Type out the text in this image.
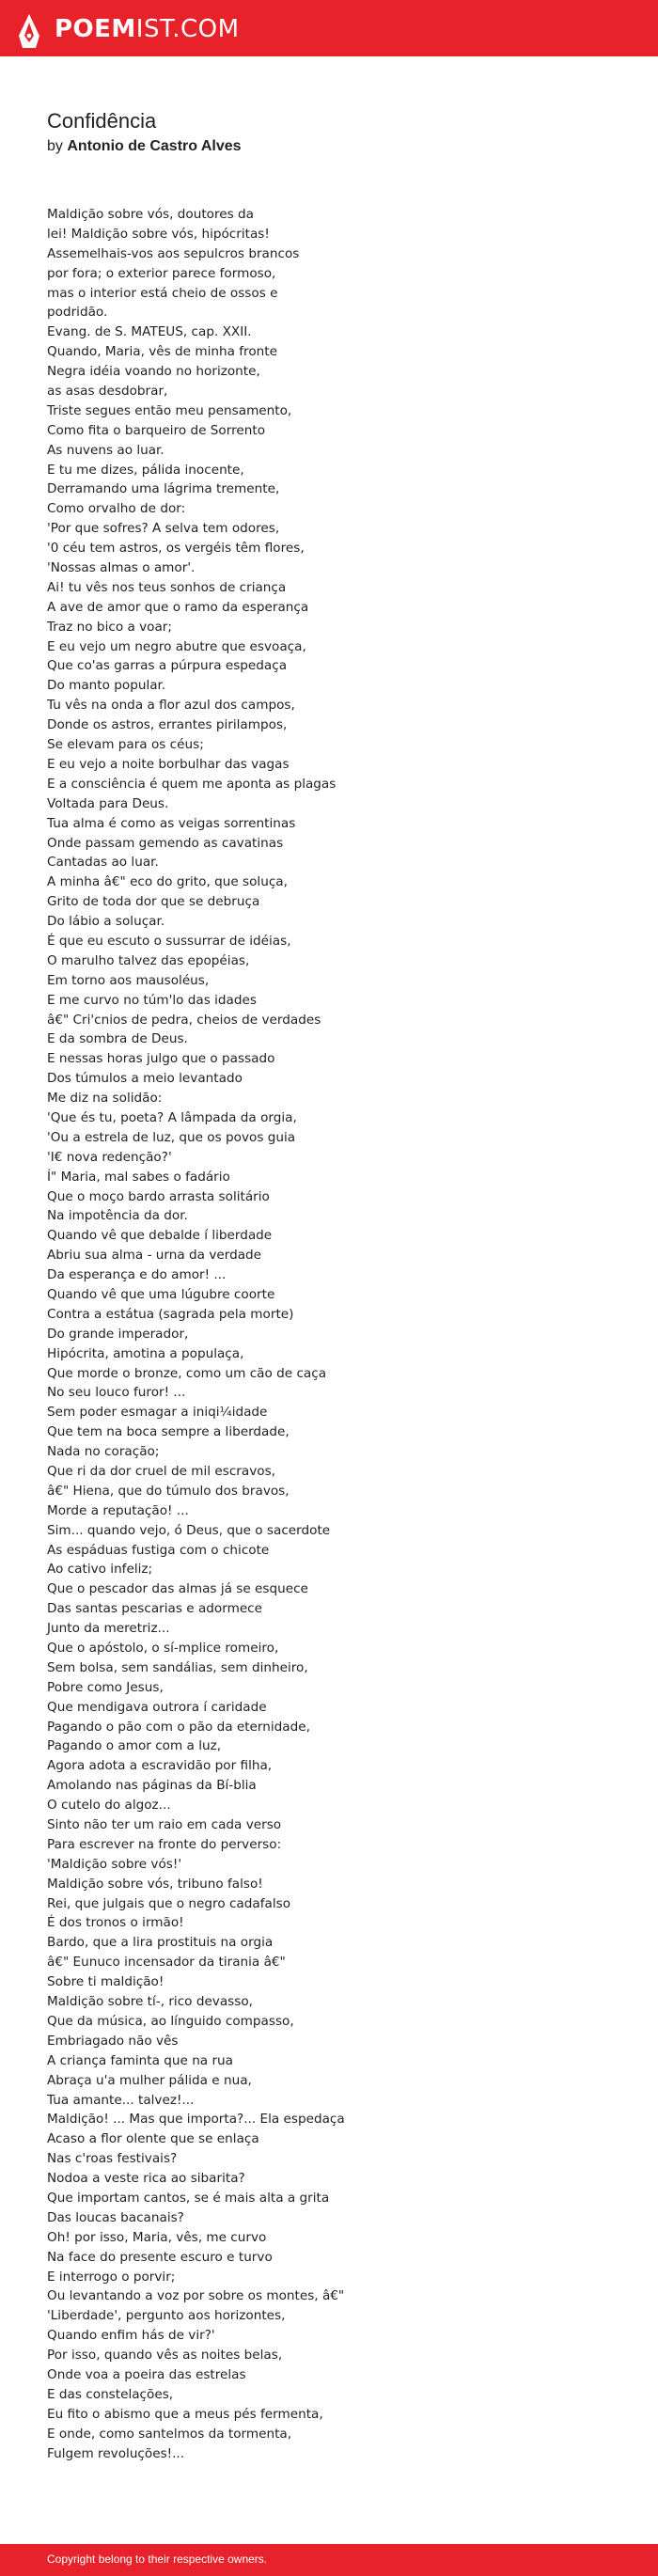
POEMIST.COM
Confidência
by Antonio de Castro Alves
Maldição sobre vós, doutores da
lei! Maldição sobre vós, hipócritas!
Assemelhais-vos aos sepulcros brancos
por fora; o exterior parece formoso,
mas o interior está cheio de ossos e
podridão.
Evang. de S. MATEUS, cap. XXII.
Quando, Maria, vês de minha fronte
Negra idéia voando no horizonte,
as asas desdobrar,
Triste segues então meu pensamento,
Como fita o barqueiro de Sorrento
As nuvens ao luar.
E tu me dizes, pálida inocente,
Derramando uma lágrima tremente,
Como orvalho de dor:
'Por que sofres? A selva tem odores,
'0 céu tem astros, os vergéis têm flores,
'Nossas almas o amor'.
Ai! tu vês nos teus sonhos de criança
A ave de amor que o ramo da esperança
Traz no bico a voar;
E eu vejo um negro abutre que esvoaça,
Que co'as garras a púrpura espedaça
Do manto popular.
Tu vês na onda a flor azul dos campos,
Donde os astros, errantes pirilampos,
Se elevam para os céus;
E eu vejo a noite borbulhar das vagas
E a consciência é quem me aponta as plagas
Voltada para Deus.
Tua alma é como as veigas sorrentinas
Onde passam gemendo as cavatinas
Cantadas ao luar.
A minha â€" eco do grito, que soluça,
Grito de toda dor que se debruça
Do lábio a soluçar.
É que eu escuto o sussurrar de idéias,
O marulho talvez das epopéias,
Em torno aos mausoléus,
E me curvo no túm'lo das idades
â€" Cri'cnios de pedra, cheios de verdades
E da sombra de Deus.
E nessas horas julgo que o passado
Dos túmulos a meio levantado
Me diz na solidão:
'Que és tu, poeta? A lâmpada da orgia,
'Ou a estrela de luz, que os povos guia
'I€ nova redenção?'
Í" Maria, mal sabes o fadário
Que o moço bardo arrasta solitário
Na impotência da dor.
Quando vê que debalde í liberdade
Abriu sua alma - urna da verdade
Da esperança e do amor! ...
Quando vê que uma lúgubre coorte
Contra a estátua (sagrada pela morte)
Do grande imperador,
Hipócrita, amotina a populaça,
Que morde o bronze, como um cão de caça
No seu louco furor! ...
Sem poder esmagar a iniqi¼idade
Que tem na boca sempre a liberdade,
Nada no coração;
Que ri da dor cruel de mil escravos,
â€" Hiena, que do túmulo dos bravos,
Morde a reputação! ...
Sim... quando vejo, ó Deus, que o sacerdote
As espáduas fustiga com o chicote
Ao cativo infeliz;
Que o pescador das almas já se esquece
Das santas pescarias e adormece
Junto da meretriz...
Que o apóstolo, o sí-mplice romeiro,
Sem bolsa, sem sandálias, sem dinheiro,
Pobre como Jesus,
Que mendigava outrora í caridade
Pagando o pão com o pão da eternidade,
Pagando o amor com a luz,
Agora adota a escravidão por filha,
Amolando nas páginas da Bí-blia
O cutelo do algoz...
Sinto não ter um raio em cada verso
Para escrever na fronte do perverso:
'Maldição sobre vós!'
Maldição sobre vós, tribuno falso!
Rei, que julgais que o negro cadafalso
É dos tronos o irmão!
Bardo, que a lira prostituis na orgia
â€" Eunuco incensador da tirania â€"
Sobre ti maldição!
Maldição sobre tí-, rico devasso,
Que da música, ao línguido compasso,
Embriagado não vês
A criança faminta que na rua
Abraça u'a mulher pálida e nua,
Tua amante... talvez!...
Maldição! ... Mas que importa?... Ela espedaça
Acaso a flor olente que se enlaça
Nas c'roas festivais?
Nodoa a veste rica ao sibarita?
Que importam cantos, se é mais alta a grita
Das loucas bacanais?
Oh! por isso, Maria, vês, me curvo
Na face do presente escuro e turvo
E interrogo o porvir;
Ou levantando a voz por sobre os montes, â€"
'Liberdade', pergunto aos horizontes,
Quando enfim hás de vir?'
Por isso, quando vês as noites belas,
Onde voa a poeira das estrelas
E das constelações,
Eu fito o abismo que a meus pés fermenta,
E onde, como santelmos da tormenta,
Fulgem revoluções!...
Copyright belong to their respective owners.
